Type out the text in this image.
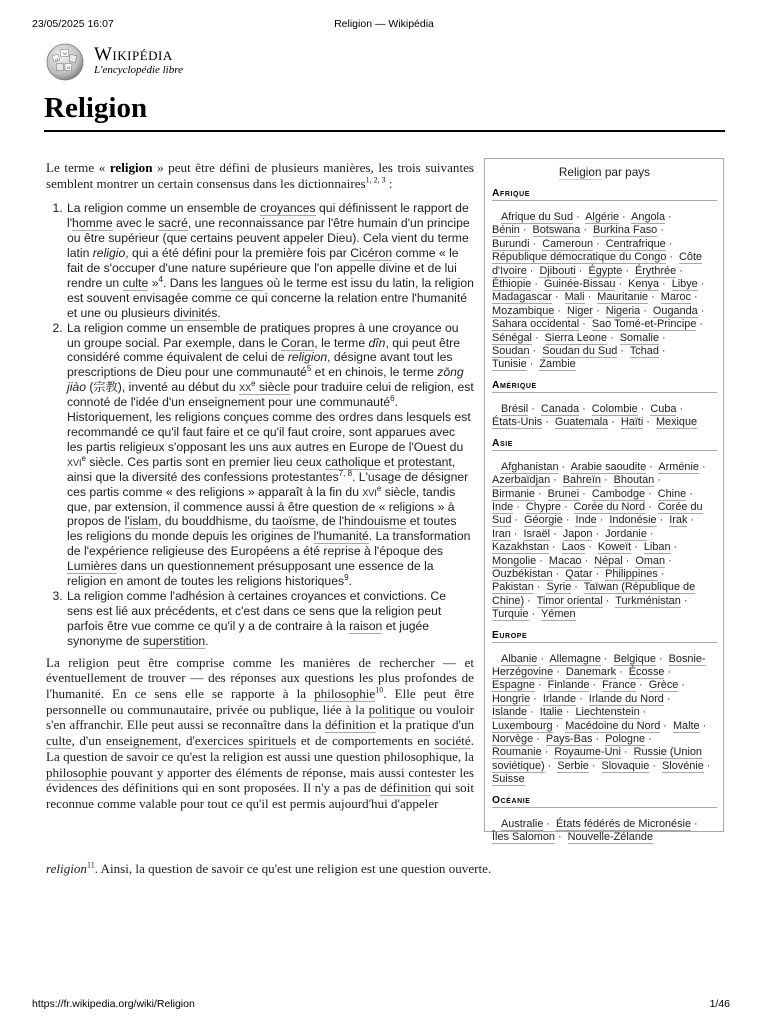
23/05/2025 16:07	Religion — Wikipédia
Ω
W
И
Wikipédia
L'encyclopédie libre
Religion

Le terme « religion » peut être défini de plusieurs manières, les trois suivantes semblent montrer un certain consensus dans les dictionnaires$^{1, 2, 3}$ :

1. La religion comme un ensemble de croyances qui définissent le rapport de l'homme avec le sacré, une reconnaissance par l'être humain d'un principe ou être supérieur (que certains peuvent appeler Dieu). Cela vient du terme latin religio, qui a été défini pour la première fois par Cicéron comme « le fait de s'occuper d'une nature supérieure que l'on appelle divine et de lui rendre un culte »$^4$. Dans les langues où le terme est issu du latin, la religion est souvent envisagée comme ce qui concerne la relation entre l'humanité et une ou plusieurs divinités.
2. La religion comme un ensemble de pratiques propres à une croyance ou un groupe social. Par exemple, dans le Coran, le terme dîn, qui peut être considéré comme équivalent de celui de religion, désigne avant tout les prescriptions de Dieu pour une communauté$^5$ et en chinois, le terme zōng jiào (宗教), inventé au début du $xx^e$ siècle pour traduire celui de religion, est connoté de l'idée d'un enseignement pour une communauté$^6$. Historiquement, les religions conçues comme des ordres dans lesquels est recommandé ce qu'il faut faire et ce qu'il faut croire, sont apparues avec les partis religieux s'opposant les uns aux autres en Europe de l'Ouest du xvi$^e$ siècle. Ces partis sont en premier lieu ceux catholique et protestant, ainsi que la diversité des confessions protestantes$^{7, 8}$. L'usage de désigner ces partis comme « des religions » apparaît à la fin du xvi$^e$ siècle, tandis que, par extension, il commence aussi à être question de « religions » à propos de l'islam, du bouddhisme, du taoïsme, de l'hindouisme et toutes les religions du monde depuis les origines de l'humanité. La transformation de l'expérience religieuse des Européens a été reprise à l'époque des Lumières dans un questionnement présupposant une essence de la religion en amont de toutes les religions historiques$^9$.
3. La religion comme l'adhésion à certaines croyances et convictions. Ce sens est lié aux précédents, et c'est dans ce sens que la religion peut parfois être vue comme ce qu'il y a de contraire à la raison et jugée synonyme de superstition.

La religion peut être comprise comme les manières de rechercher — et éventuellement de trouver — des réponses aux questions les plus profondes de l'humanité. En ce sens elle se rapporte à la philosophie$^{10}$. Elle peut être personnelle ou communautaire, privée ou publique, liée à la politique ou vouloir s'en affranchir. Elle peut aussi se reconnaître dans la définition et la pratique d'un culte, d'un enseignement, d'exercices spirituels et de comportements en société. La question de savoir ce qu'est la religion est aussi une question philosophique, la philosophie pouvant y apporter des éléments de réponse, mais aussi contester les évidences des définitions qui en sont proposées. Il n'y a pas de définition qui soit reconnue comme valable pour tout ce qu'il est permis aujourd'hui d'appeler

religion$^{11}$. Ainsi, la question de savoir ce qu'est une religion est une question ouverte.

Religion par pays
Afrique
Afrique du Sud · Algérie · Angola · Bénin · Botswana · Burkina Faso · Burundi · Cameroun · Centrafrique · République démocratique du Congo · Côte d'Ivoire · Djibouti · Égypte · Érythrée · Éthiopie · Guinée-Bissau · Kenya · Libye · Madagascar · Mali · Mauritanie · Maroc · Mozambique · Niger · Nigeria · Ouganda · Sahara occidental · Sao Tomé-et-Principe · Sénégal · Sierra Leone · Somalie · Soudan · Soudan du Sud · Tchad · Tunisie · Zambie
Amérique
Brésil · Canada · Colombie · Cuba · États-Unis · Guatemala · Haïti · Mexique
Asie
Afghanistan · Arabie saoudite · Arménie · Azerbaïdjan · Bahreïn · Bhoutan · Birmanie · Brunei · Cambodge · Chine · Inde · Chypre · Corée du Nord · Corée du Sud · Géorgie · Inde · Indonésie · Irak · Iran · Israël · Japon · Jordanie · Kazakhstan · Laos · Koweït · Liban · Mongolie · Macao · Népal · Oman · Ouzbékistan · Qatar · Philippines · Pakistan · Syrie · Taïwan (République de Chine) · Timor oriental · Turkménistan · Turquie · Yémen
Europe
Albanie · Allemagne · Belgique · Bosnie-Herzégovine · Danemark · Écosse · Espagne · Finlande · France · Grèce · Hongrie · Irlande · Irlande du Nord · Islande · Italie · Liechtenstein · Luxembourg · Macédoine du Nord · Malte · Norvège · Pays-Bas · Pologne · Roumanie · Royaume-Uni · Russie (Union soviétique) · Serbie · Slovaquie · Slovénie · Suisse
Océanie
Australie · États fédérés de Micronésie · Îles Salomon · Nouvelle-Zélande
https://fr.wikipedia.org/wiki/Religion	1/46
